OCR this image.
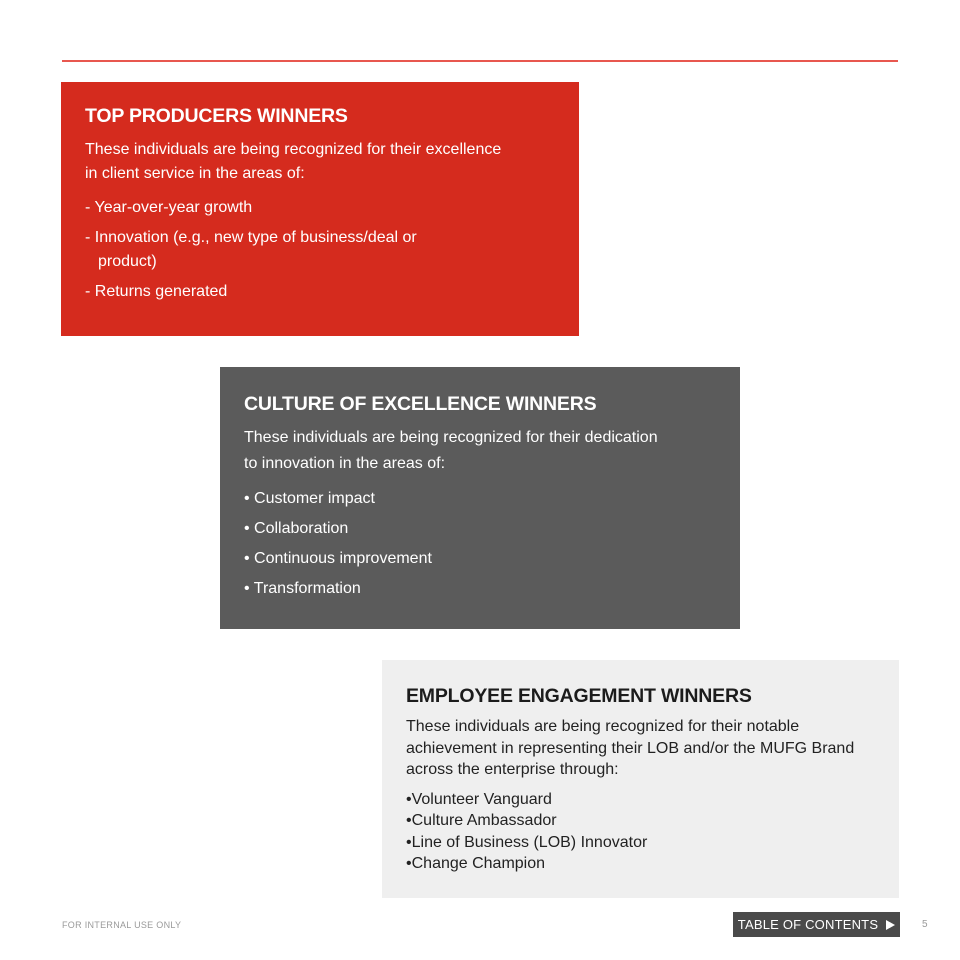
TOP PRODUCERS WINNERS

These individuals are being recognized for their excellence in client service in the areas of:

- Year-over-year growth
- Innovation (e.g., new type of business/deal or product)
- Returns generated
CULTURE OF EXCELLENCE WINNERS

These individuals are being recognized for their dedication to innovation in the areas of:

• Customer impact
• Collaboration
• Continuous improvement
• Transformation
EMPLOYEE ENGAGEMENT WINNERS

These individuals are being recognized for their notable achievement in representing their LOB and/or the MUFG Brand across the enterprise through:

• Volunteer Vanguard
• Culture Ambassador
• Line of Business (LOB) Innovator
• Change Champion
FOR INTERNAL USE ONLY	TABLE OF CONTENTS	5
